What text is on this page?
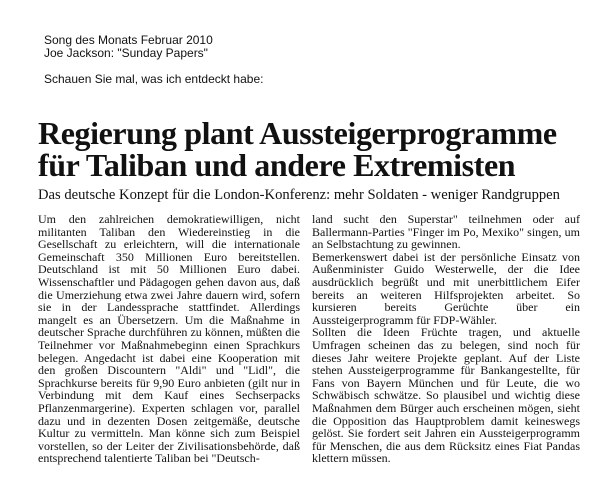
Song des Monats Februar 2010
Joe Jackson: "Sunday Papers"
Schauen Sie mal, was ich entdeckt habe:
Regierung plant Aussteigerprogramme
für Taliban und andere Extremisten
Das deutsche Konzept für die London-Konferenz: mehr Soldaten - weniger Randgruppen

Um den zahlreichen demokratiewilligen, nicht militanten Taliban den Wiedereinstieg in die Gesellschaft zu erleichtern, will die internationale Gemeinschaft 350 Millionen Euro bereitstellen. Deutschland ist mit 50 Millionen Euro dabei. Wissenschaftler und Pädagogen gehen davon aus, daß die Umerziehung etwa zwei Jahre dauern wird, sofern sie in der Landessprache stattfindet. Allerdings mangelt es an Übersetzern. Um die Maßnahme in deutscher Sprache durchführen zu können, müßten die Teilnehmer vor Maßnahmebeginn einen Sprachkurs belegen. Angedacht ist dabei eine Kooperation mit den großen Discountern "Aldi" und "Lidl", die Sprachkurse bereits für 9,90 Euro anbieten (gilt nur in Verbindung mit dem Kauf eines Sechserpacks Pflanzenmargerine). Experten schlagen vor, parallel dazu und in dezenten Dosen zeitgemäße, deutsche Kultur zu vermitteln. Man könne sich zum Beispiel vorstellen, so der Leiter der Zivilisationsbehörde, daß entsprechend talentierte Taliban bei "Deutsch-

land sucht den Superstar" teilnehmen oder auf Ballermann-Parties "Finger im Po, Mexiko" singen, um an Selbstachtung zu gewinnen.

Bemerkenswert dabei ist der persönliche Einsatz von Außenminister Guido Westerwelle, der die Idee ausdrücklich begrüßt und mit unerbittlichem Eifer bereits an weiteren Hilfsprojekten arbeitet. So kursieren bereits Gerüchte über ein Aussteigerprogramm für FDP-Wähler.

Sollten die Ideen Früchte tragen, und aktuelle Umfragen scheinen das zu belegen, sind noch für dieses Jahr weitere Projekte geplant. Auf der Liste stehen Aussteigerprogramme für Bankangestellte, für Fans von Bayern München und für Leute, die wo Schwäbisch schwätze. So plausibel und wichtig diese Maßnahmen dem Bürger auch erscheinen mögen, sieht die Opposition das Hauptproblem damit keineswegs gelöst. Sie fordert seit Jahren ein Aussteigerprogramm für Menschen, die aus dem Rücksitz eines Fiat Pandas klettern müssen.
